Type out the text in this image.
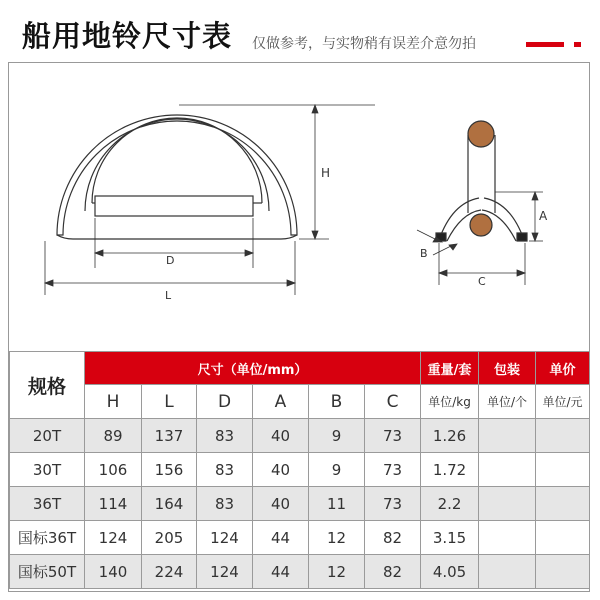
船用地铃尺寸表 仅做参考，与实物稍有误差介意勿拍
H
D
L
A
B
C
规格	尺寸（单位/mm）						重量/套	包装	单价
	H	L	D	A	B	C	单位/kg	单位/个	单位/元
20T	89	137	83	40	9	73	1.26		
30T	106	156	83	40	9	73	1.72		
36T	114	164	83	40	11	73	2.2		
国标36T	124	205	124	44	12	82	3.15		
国标50T	140	224	124	44	12	82	4.05		
